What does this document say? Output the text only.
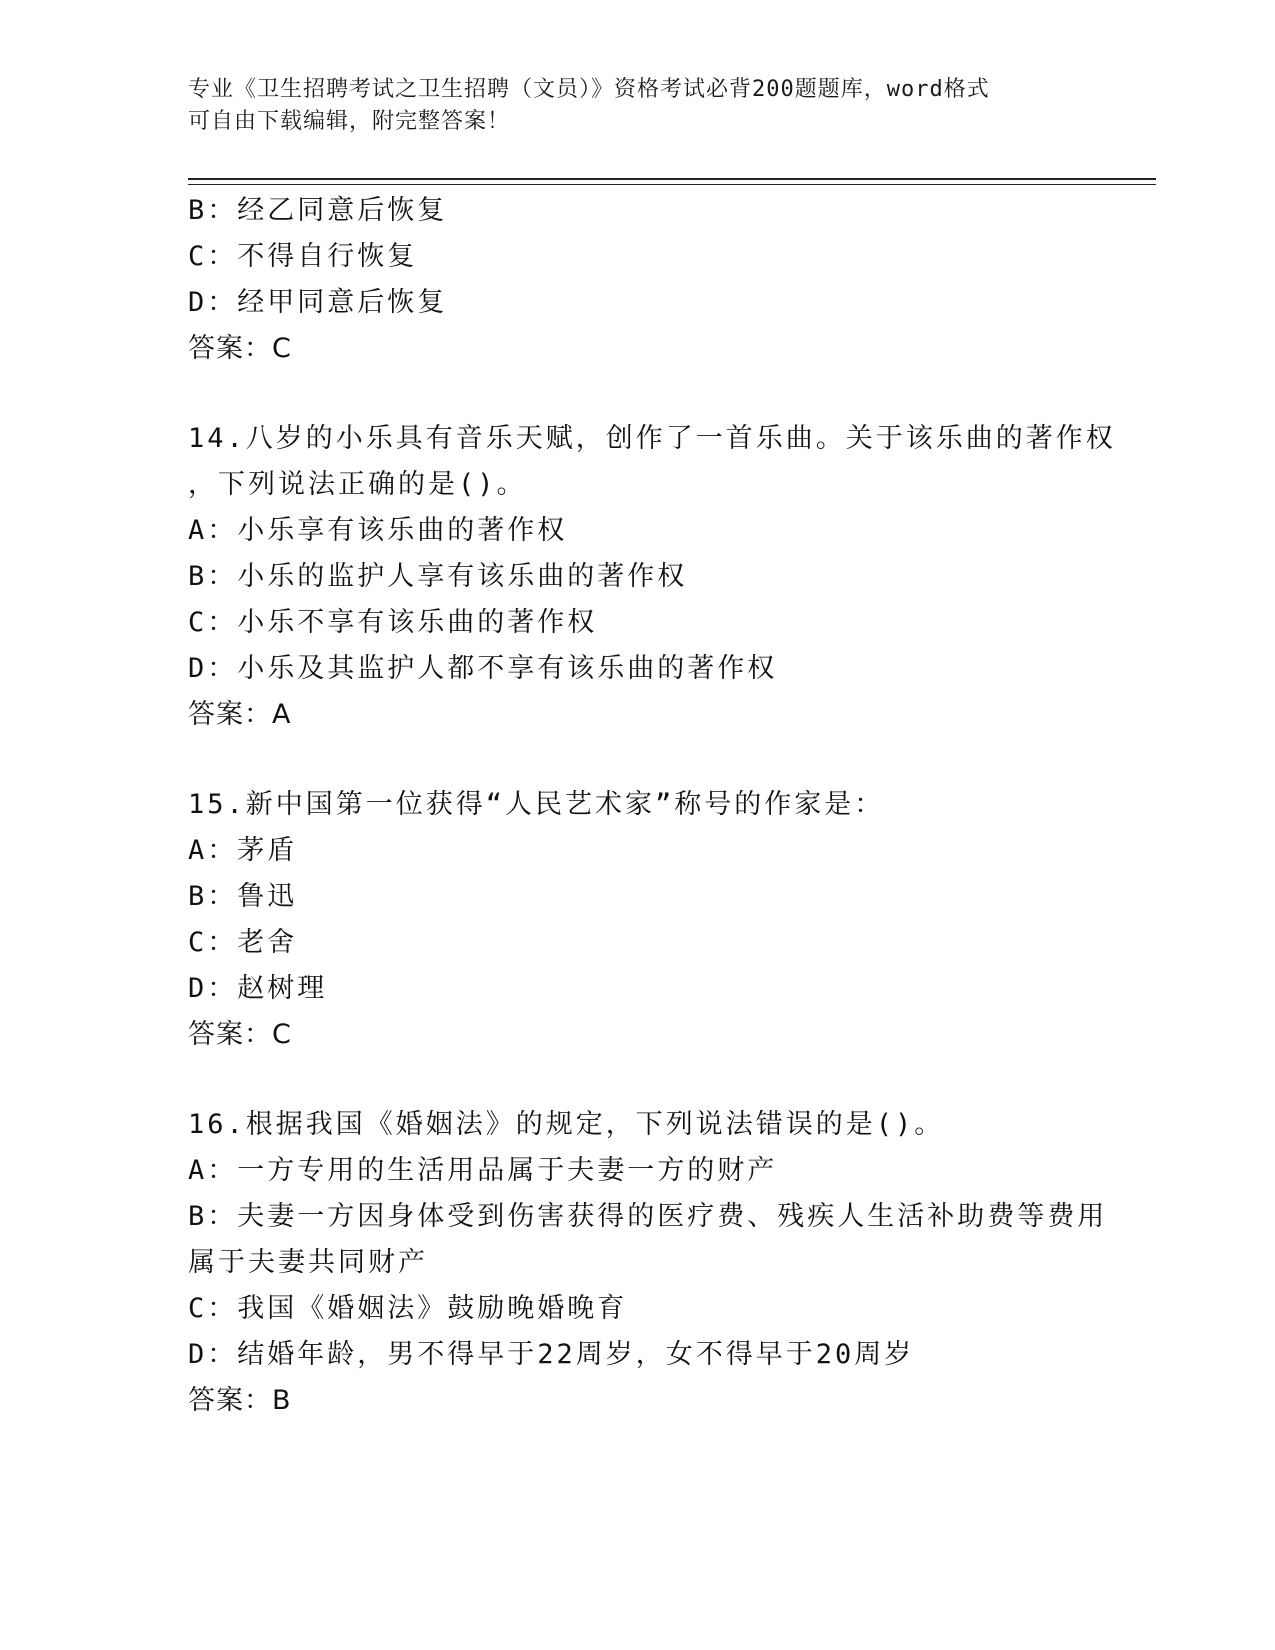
专业《卫生招聘考试之卫生招聘（文员）》资格考试必背200题题库，word格式
可自由下载编辑，附完整答案！
B：经乙同意后恢复
C：不得自行恢复
D：经甲同意后恢复
答案：C
14.八岁的小乐具有音乐天赋，创作了一首乐曲。关于该乐曲的著作权
，下列说法正确的是()。
A：小乐享有该乐曲的著作权
B：小乐的监护人享有该乐曲的著作权
C：小乐不享有该乐曲的著作权
D：小乐及其监护人都不享有该乐曲的著作权
答案：A
15.新中国第一位获得“人民艺术家”称号的作家是：
A：茅盾
B：鲁迅
C：老舍
D：赵树理
答案：C
16.根据我国《婚姻法》的规定，下列说法错误的是()。
A：一方专用的生活用品属于夫妻一方的财产
B：夫妻一方因身体受到伤害获得的医疗费、残疾人生活补助费等费用
属于夫妻共同财产
C：我国《婚姻法》鼓励晚婚晚育
D：结婚年龄，男不得早于22周岁，女不得早于20周岁
答案：B
